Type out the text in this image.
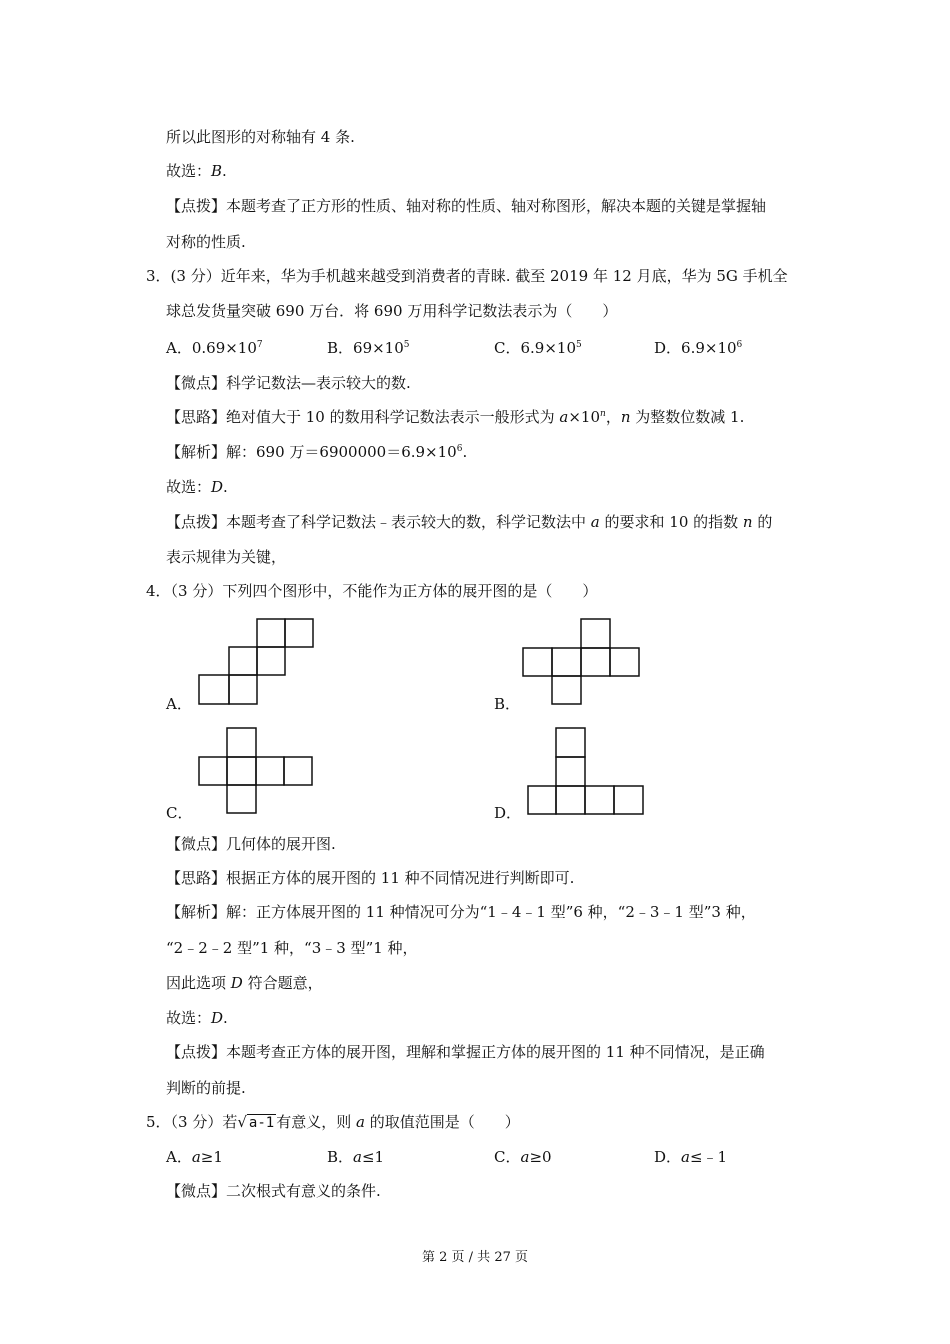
所以此图形的对称轴有 4 条.
故选：B.
【点拨】本题考查了正方形的性质、轴对称的性质、轴对称图形，解决本题的关键是掌握轴
对称的性质.
3．(3 分）近年来，华为手机越来越受到消费者的青睐. 截至 2019 年 12 月底，华为 5G 手机全
球总发货量突破 690 万台．将 690 万用科学记数法表示为（　　）
A．$0.69\times 10^7$	B．$69\times 10^5$	C．$6.9\times 10^5$	D．$6.9\times 10^6$
【微点】科学记数法—表示较大的数.
【思路】绝对值大于 10 的数用科学记数法表示一般形式为 $a\times 10^n$，n 为整数位数减 1.
【解析】解：690 万$=6900000=6.9\times 10^6$.
故选：D.
【点拨】本题考查了科学记数法﹣表示较大的数，科学记数法中 a 的要求和 10 的指数 n 的
表示规律为关键，
4．（3 分）下列四个图形中，不能作为正方体的展开图的是（　　）
A．	B．
C．	D．
【微点】几何体的展开图.
【思路】根据正方体的展开图的 11 种不同情况进行判断即可.
【解析】解：正方体展开图的 11 种情况可分为“1﹣4﹣1 型”6 种，“2﹣3﹣1 型”3 种，
“2﹣2﹣2 型”1 种，“3﹣3 型”1 种，
因此选项 D 符合题意，
故选：D.
【点拨】本题考查正方体的展开图，理解和掌握正方体的展开图的 11 种不同情况，是正确
判断的前提.
5．（3 分）若√ a-1 有意义，则 a 的取值范围是（　　）
A．a≥1	B．a≤1	C．a≥0	D．a≤﹣1
【微点】二次根式有意义的条件.
第 2 页 / 共 27 页
